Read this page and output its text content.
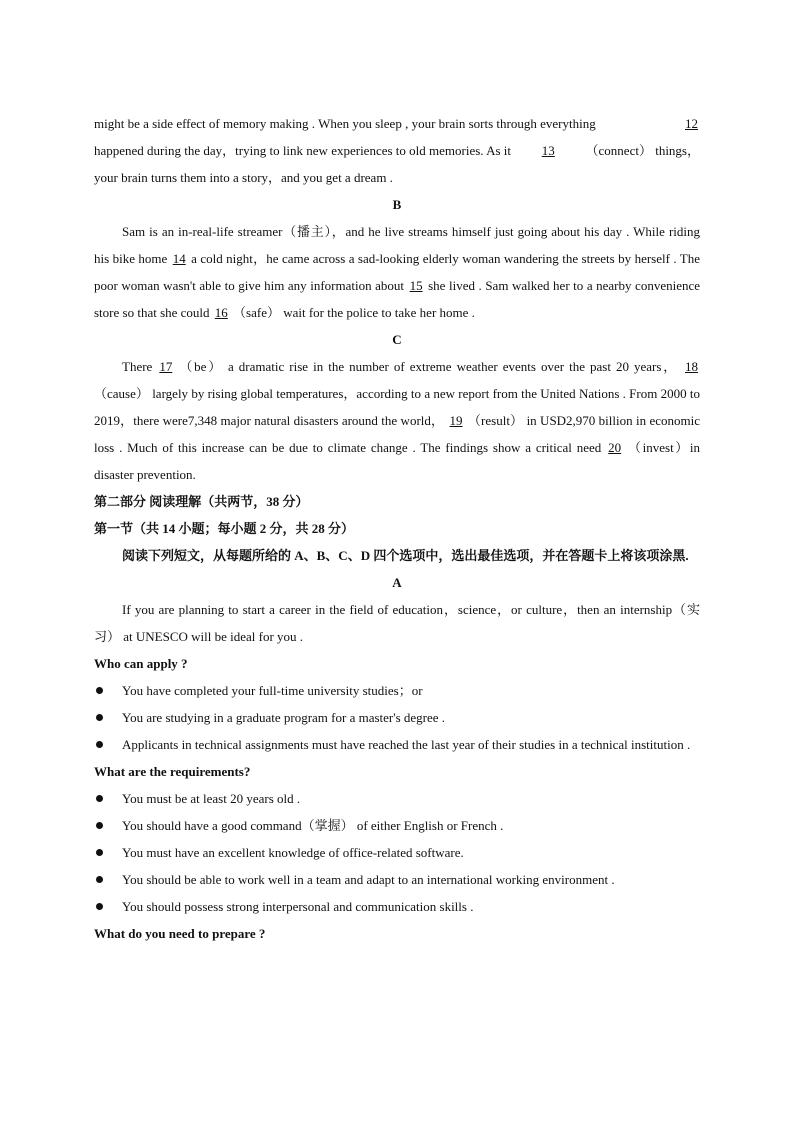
might be a side effect of memory making . When you sleep , your brain sorts through everything	12
happened during the day，trying to link new experiences to old memories. As it 13 （connect） things，
your brain turns them into a story，and you get a dream .
B
Sam is an in-real-life streamer（播主），and he live streams himself just going about his day . While riding his bike home 14 a cold night，he came across a sad-looking elderly woman wandering the streets by herself . The poor woman wasn't able to give him any information about 15 she lived . Sam walked her to a nearby convenience store so that she could 16 （safe） wait for the police to take her home .
C
There 17 （be） a dramatic rise in the number of extreme weather events over the past 20 years， 18 （cause） largely by rising global temperatures，according to a new report from the United Nations . From 2000 to 2019，there were7,348 major natural disasters around the world， 19 （result） in USD2,970 billion in economic loss . Much of this increase can be due to climate change . The findings show a critical need 20 （invest）in disaster prevention.
第二部分 阅读理解（共两节，38 分）
第一节（共 14 小题；每小题 2 分，共 28 分）
阅读下列短文，从每题所给的 A、B、C、D 四个选项中，选出最佳选项，并在答题卡上将该项涂黑.
A
If you are planning to start a career in the field of education，science，or culture，then an internship（实习） at UNESCO will be ideal for you .
Who can apply ?
You have completed your full-time university studies；or
You are studying in a graduate program for a master's degree .
Applicants in technical assignments must have reached the last year of their studies in a technical institution .
What are the requirements?
You must be at least 20 years old .
You should have a good command（掌握） of either English or French .
You must have an excellent knowledge of office-related software.
You should be able to work well in a team and adapt to an international working environment .
You should possess strong interpersonal and communication skills .
What do you need to prepare ?
